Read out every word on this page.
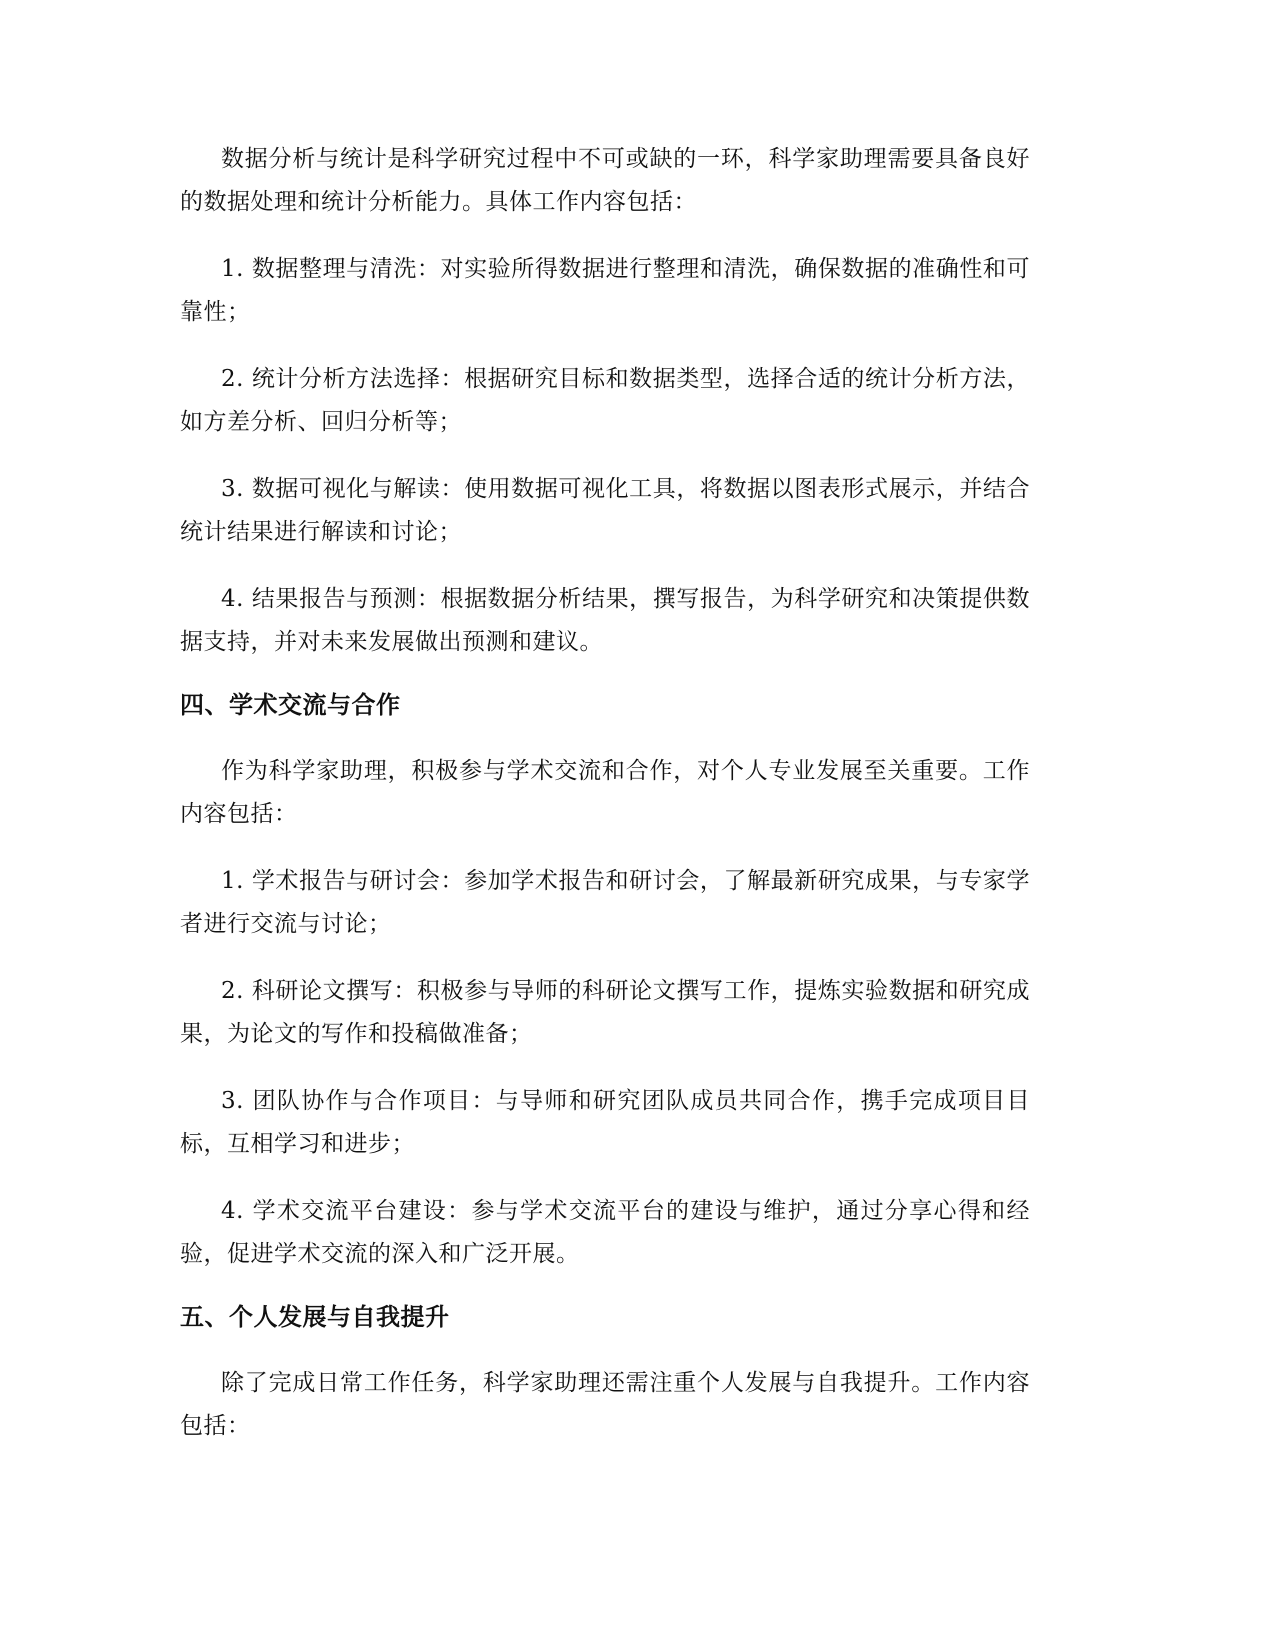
数据分析与统计是科学研究过程中不可或缺的一环，科学家助理需要具备良好的数据处理和统计分析能力。具体工作内容包括：

1. 数据整理与清洗：对实验所得数据进行整理和清洗，确保数据的准确性和可靠性；

2. 统计分析方法选择：根据研究目标和数据类型，选择合适的统计分析方法，如方差分析、回归分析等；

3. 数据可视化与解读：使用数据可视化工具，将数据以图表形式展示，并结合统计结果进行解读和讨论；

4. 结果报告与预测：根据数据分析结果，撰写报告，为科学研究和决策提供数据支持，并对未来发展做出预测和建议。

四、学术交流与合作

作为科学家助理，积极参与学术交流和合作，对个人专业发展至关重要。工作内容包括：

1. 学术报告与研讨会：参加学术报告和研讨会，了解最新研究成果，与专家学者进行交流与讨论；

2. 科研论文撰写：积极参与导师的科研论文撰写工作，提炼实验数据和研究成果，为论文的写作和投稿做准备；

3. 团队协作与合作项目：与导师和研究团队成员共同合作，携手完成项目目标，互相学习和进步；

4. 学术交流平台建设：参与学术交流平台的建设与维护，通过分享心得和经验，促进学术交流的深入和广泛开展。

五、个人发展与自我提升

除了完成日常工作任务，科学家助理还需注重个人发展与自我提升。工作内容包括：
